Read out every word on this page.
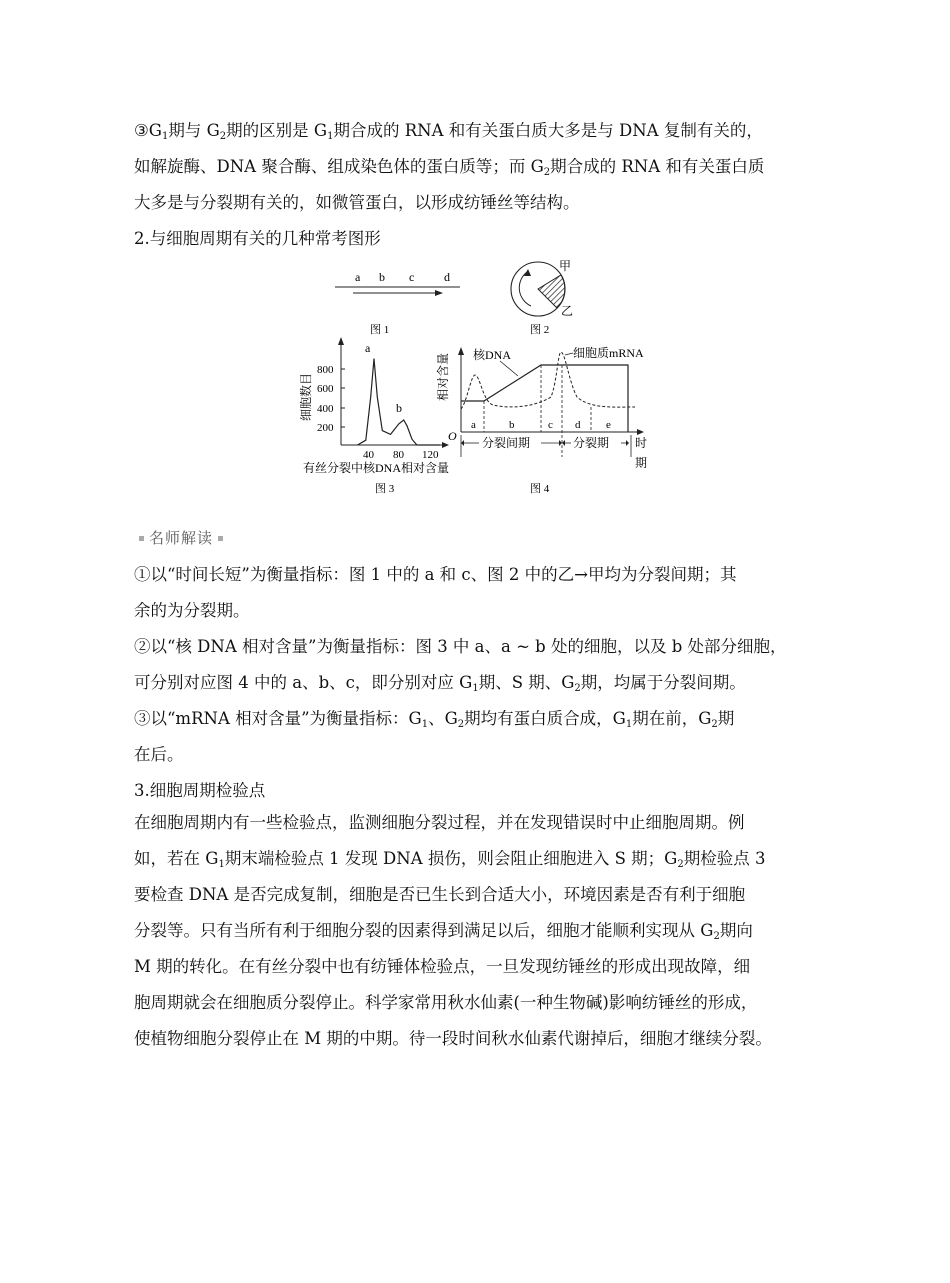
③G1期与 G2期的区别是 G1期合成的 RNA 和有关蛋白质大多是与 DNA 复制有关的，
如解旋酶、DNA 聚合酶、组成染色体的蛋白质等；而 G2期合成的 RNA 和有关蛋白质
大多是与分裂期有关的，如微管蛋白，以形成纺锤丝等结构。
2.与细胞周期有关的几种常考图形
a b c d
图 1
甲
乙
图 2
200
400
600
800
40 80 120
a
b
细胞数目
有丝分裂中核DNA相对含量
图 3
相对含量
O
a	b	c d e
核DNA	细胞质mRNA
分裂间期	分裂期 时
期
图 4
名师解读
①以“时间长短”为衡量指标：图 1 中的 a 和 c、图 2 中的乙→甲均为分裂间期；其
余的为分裂期。
②以“核 DNA 相对含量”为衡量指标：图 3 中 a、a ~ b 处的细胞，以及 b 处部分细胞，
可分别对应图 4 中的 a、b、c，即分别对应 G1期、S 期、G2期，均属于分裂间期。
③以“mRNA 相对含量”为衡量指标：G1、G2期均有蛋白质合成，G1期在前，G2期
在后。
3.细胞周期检验点
在细胞周期内有一些检验点，监测细胞分裂过程，并在发现错误时中止细胞周期。例
如，若在 G1期末端检验点 1 发现 DNA 损伤，则会阻止细胞进入 S 期；G2期检验点 3
要检查 DNA 是否完成复制，细胞是否已生长到合适大小，环境因素是否有利于细胞
分裂等。只有当所有利于细胞分裂的因素得到满足以后，细胞才能顺利实现从 G2期向
M 期的转化。在有丝分裂中也有纺锤体检验点，一旦发现纺锤丝的形成出现故障，细
胞周期就会在细胞质分裂停止。科学家常用秋水仙素(一种生物碱)影响纺锤丝的形成，
使植物细胞分裂停止在 M 期的中期。待一段时间秋水仙素代谢掉后，细胞才继续分裂。
